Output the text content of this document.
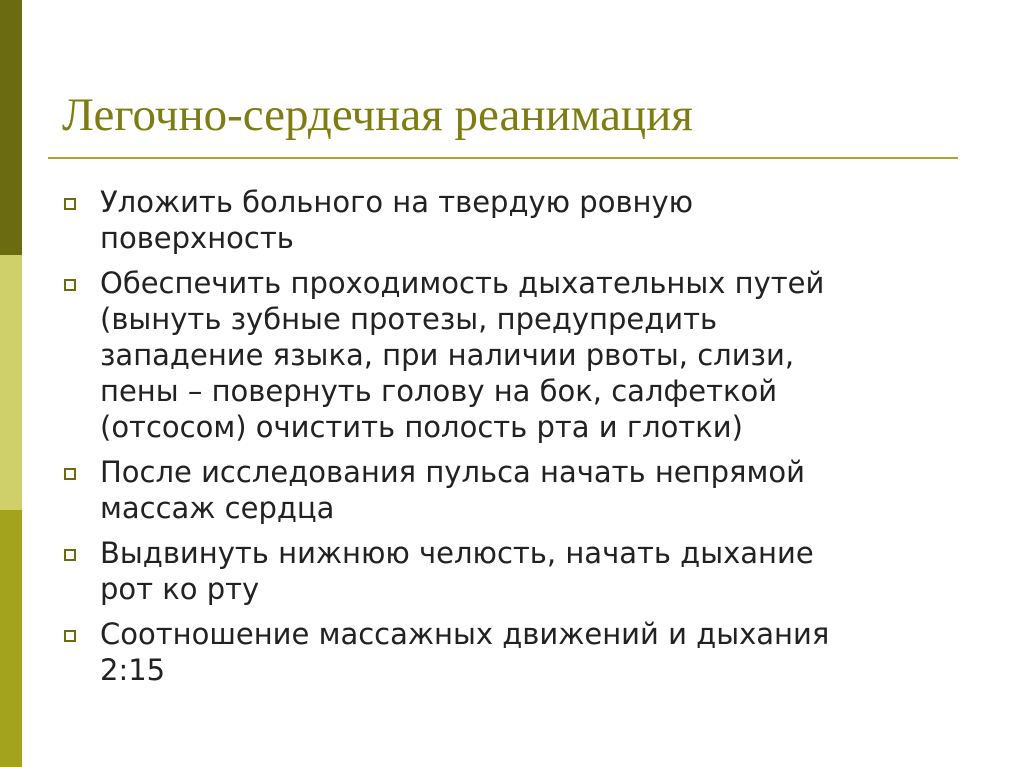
Легочно-сердечная реанимация
Уложить больного на твердую ровную
поверхность
Обеспечить проходимость дыхательных путей
(вынуть зубные протезы, предупредить
западение языка, при наличии рвоты, слизи,
пены – повернуть голову на бок, салфеткой
(отсосом) очистить полость рта и глотки)
После исследования пульса начать непрямой
массаж сердца
Выдвинуть нижнюю челюсть, начать дыхание
рот ко рту
Соотношение массажных движений и дыхания
2:15
